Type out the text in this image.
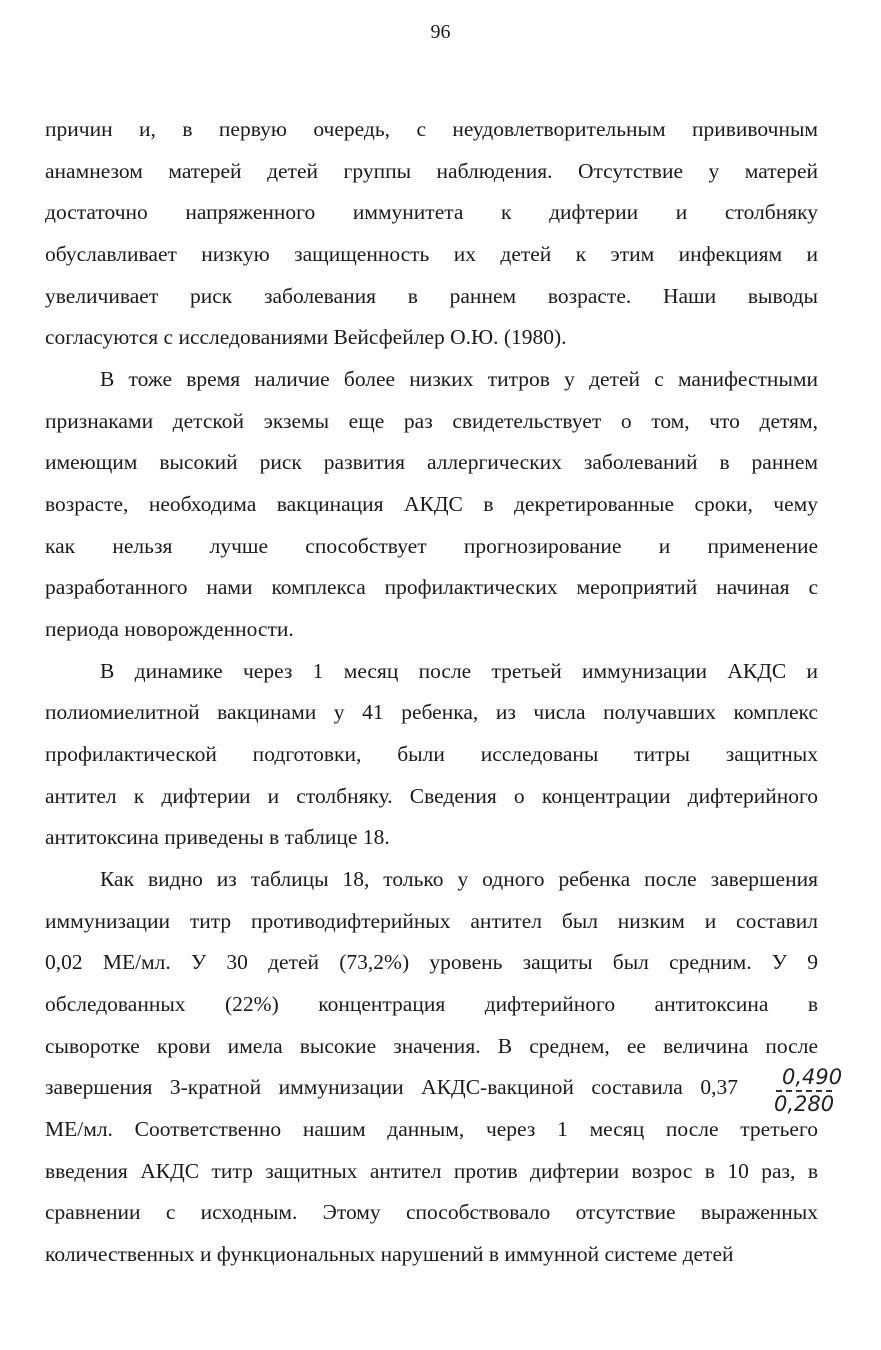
96
причин и, в первую очередь, с неудовлетворительным прививочным
анамнезом матерей детей группы наблюдения. Отсутствие у матерей
достаточно напряженного иммунитета к дифтерии и столбняку
обуславливает низкую защищенность их детей к этим инфекциям и
увеличивает риск заболевания в раннем возрасте. Наши выводы
согласуются с исследованиями Вейсфейлер О.Ю. (1980).
В тоже время наличие более низких титров у детей с манифестными
признаками детской экземы еще раз свидетельствует о том, что детям,
имеющим высокий риск развития аллергических заболеваний в раннем
возрасте, необходима вакцинация АКДС в декретированные сроки, чему
как нельзя лучше способствует прогнозирование и применение
разработанного нами комплекса профилактических мероприятий начиная с
периода новорожденности.
В динамике через 1 месяц после третьей иммунизации АКДС и
полиомиелитной вакцинами у 41 ребенка, из числа получавших комплекс
профилактической подготовки, были исследованы титры защитных
антител к дифтерии и столбняку. Сведения о концентрации дифтерийного
антитоксина приведены в таблице 18.
Как видно из таблицы 18, только у одного ребенка после завершения
иммунизации титр противодифтерийных антител был низким и составил
0,02 МЕ/мл. У 30 детей (73,2%) уровень защиты был средним. У 9
обследованных (22%) концентрация дифтерийного антитоксина в
сыворотке крови имела высокие значения. В среднем, ее величина после
завершения 3-кратной иммунизации АКДС-вакциной составила 0,37
МЕ/мл. Соответственно нашим данным, через 1 месяц после третьего
введения АКДС титр защитных антител против дифтерии возрос в 10 раз, в
сравнении с исходным. Этому способствовало отсутствие выраженных
количественных и функциональных нарушений в иммунной системе детей
0,490
0,280
